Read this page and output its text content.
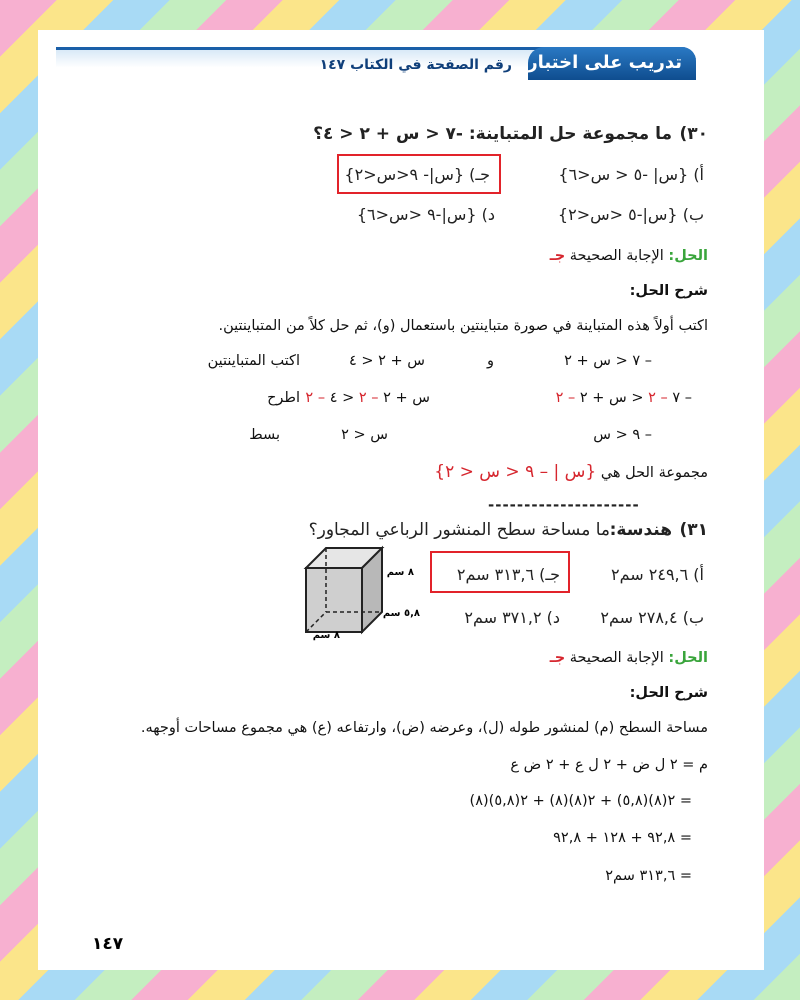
تدريب على اختبار
رقم الصفحة في الكتاب ١٤٧
٣٠)
ما مجموعة حل المتباينة: -٧ < س + ٢ < ٤؟
أ) {س| -٥ < س<٦}
جـ) {س|- ٩<س<٢}
ب) {س|-٥ <س<٢}
د) {س|-٩ <س<٦}
الحل: الإجابة الصحيحة جـ
شرح الحل:
اكتب أولاً هذه المتباينة في صورة متباينتين باستعمال (و)، ثم حل كلاً من المتباينتين.
– ٧ < س + ٢
و
س + ٢ < ٤
اكتب المتباينتين
– ٧ – ٢ < س + ٢ – ٢
س + ٢ – ٢ < ٤ – ٢
اطرح
– ٩ < س
س < ٢
بسط
مجموعة الحل هي {س | – ٩ < س < ٢}
---------------------
٣١)
هندسة:
ما مساحة سطح المنشور الرباعي المجاور؟
٨ سم
٥,٨ سم
٨ سم
أ) ٢٤٩,٦ سم٢
جـ) ٣١٣,٦ سم٢
ب) ٢٧٨,٤ سم٢
د) ٣٧١,٢ سم٢
الحل: الإجابة الصحيحة جـ
شرح الحل:
مساحة السطح (م) لمنشور طوله (ل)، وعرضه (ض)، وارتفاعه (ع) هي مجموع مساحات أوجهه.
م = ٢ ل ض + ٢ ل ع + ٢ ض ع
= ٢(٨)(٥,٨) + ٢(٨)(٨) + ٢(٥,٨)(٨)
= ٩٢,٨ + ١٢٨ + ٩٢,٨
= ٣١٣,٦ سم٢
١٤٧
